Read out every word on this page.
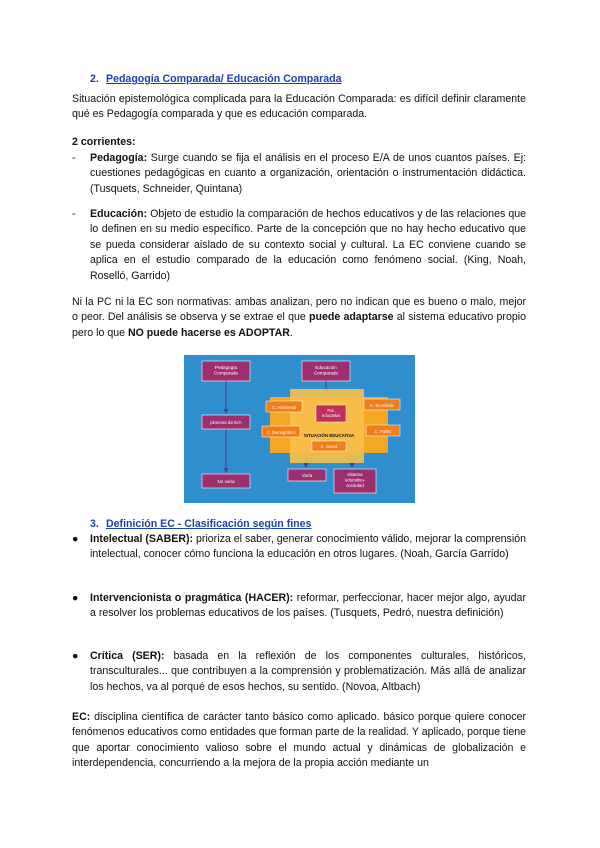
2. Pedagogía Comparada/ Educación Comparada

Situación epistemológica complicada para la Educación Comparada: es difícil definir claramente qué es Pedagogía comparada y que es educación comparada.

2 corrientes:

- Pedagogía: Surge cuando se fija el análisis en el proceso E/A de unos cuantos países. Ej: cuestiones pedagógicas en cuanto a organización, orientación o instrumentación didáctica. (Tusquets, Schneider, Quintana)
- Educación: Objeto de estudio la comparación de hechos educativos y de las relaciones que lo definen en su medio específico. Parte de la concepción que no hay hecho educativo que se pueda considerar aislado de su contexto social y cultural. La EC conviene cuando se aplica en el estudio comparado de la educación como fenómeno social. (King, Noah, Roselló, Garrido)

Ni la PC ni la EC son normativas: ambas analizan, pero no indican que es bueno o malo, mejor o peor. Del análisis se observa y se extrae el que puede adaptarse al sistema educativo propio pero lo que NO puede hacerse es ADOPTAR.

Pedagogía Comparada
Educación Comparada
proceso de E/A
No varia
C. Ambiental
C. Demográfico
C. Económic
C. Polític
C. Social
Pol. educativa
SITUACIÓN EDUCATIVA
Varía	sistema educativo-sociedad

3. Definición EC - Clasificación según fines

● Intelectual (SABER): prioriza el saber, generar conocimiento válido, mejorar la comprensión intelectual, conocer cómo funciona la educación en otros lugares. (Noah, García Garrido)
● Intervencionista o pragmática (HACER): reformar, perfeccionar, hacer mejor algo, ayudar a resolver los problemas educativos de los países. (Tusquets, Pedró, nuestra definición)
● Crítica (SER): basada en la reflexión de los componentes culturales, históricos, transculturales... que contribuyen a la comprensión y problematización. Más allá de analizar los hechos, va al porqué de esos hechos, su sentido. (Novoa, Altbach)

EC: disciplina científica de carácter tanto básico como aplicado. básico porque quiere conocer fenómenos educativos como entidades que forman parte de la realidad. Y aplicado, porque tiene que aportar conocimiento valioso sobre el mundo actual y dinámicas de globalización e interdependencia, concurriendo a la mejora de la propia acción mediante un
